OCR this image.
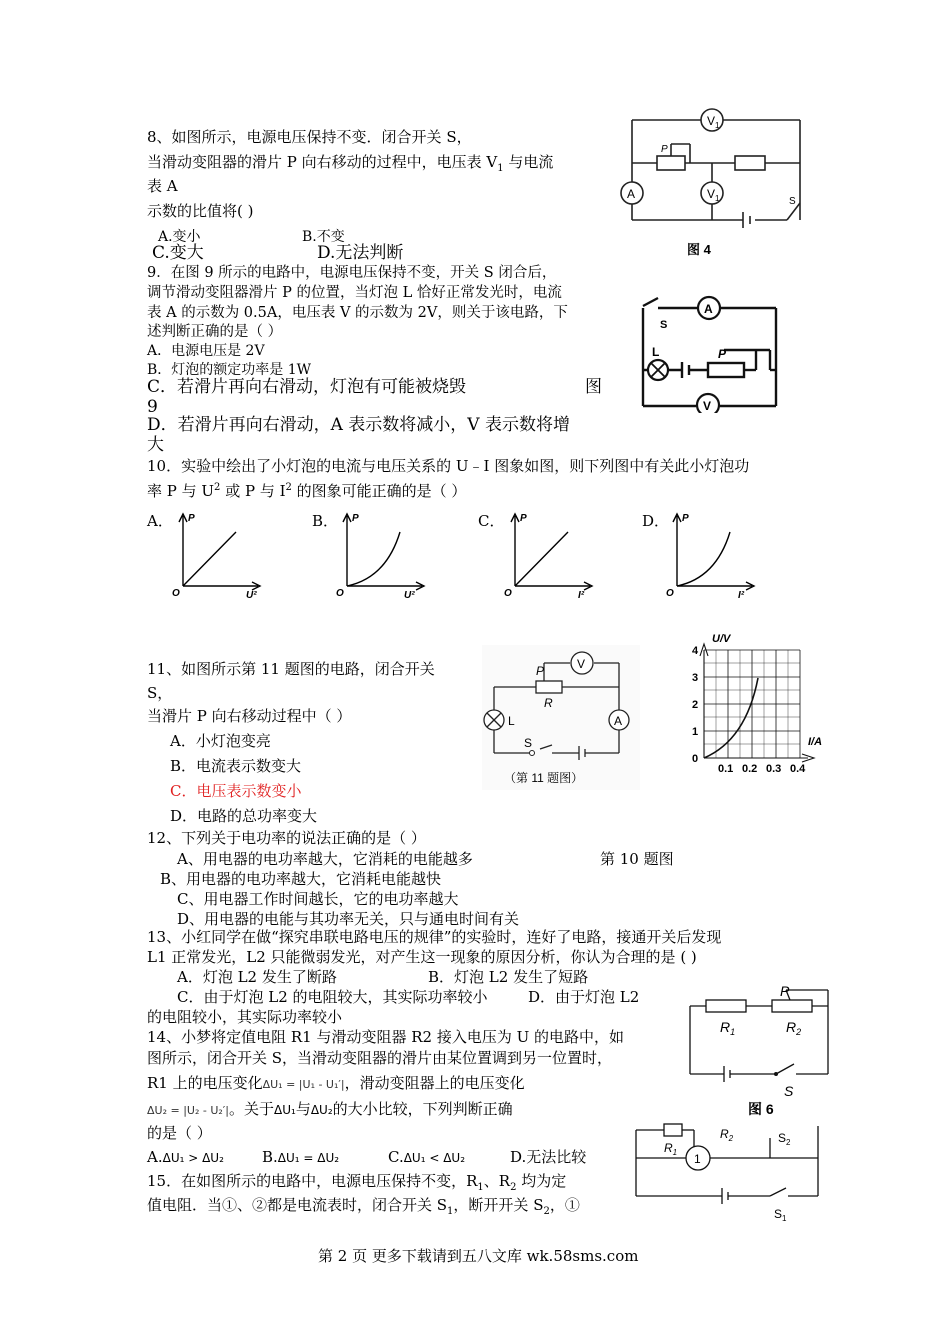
8、如图所示，电源电压保持不变．闭合开关 S，
当滑动变阻器的滑片 P 向右移动的过程中，电压表 $V_1$ 与电流
表 A
示数的比值将( )
A.变小	B.不变
C.变大	D.无法判断
$V_1$
A	$V_1$
P
S
图 4
9．在图 9 所示的电路中，电源电压保持不变，开关 S 闭合后，
调节滑动变阻器滑片 P 的位置，当灯泡 L 恰好正常发光时，电流
表 A 的示数为 0.5A，电压表 V 的示数为 2V，则关于该电路，下
述判断正确的是（ ）
A．电源电压是 2V
B．灯泡的额定功率是 1W
C．若滑片再向右滑动，灯泡有可能被烧毁	图
9
D．若滑片再向右滑动，A 表示数将减小，V 表示数将增
大
S
A
L	P
V
10．实验中绘出了小灯泡的电流与电压关系的 U﹣I 图象如图，则下列图中有关此小灯泡功
率 P 与 $U^2$ 或 P 与 $I^2$ 的图象可能正确的是（ ）
A． P
O	U²
B． P
O	U²
C． P
O	I²
D． P
O	I²
11、如图所示第 11 题图的电路，闭合开关
S，
当滑片 P 向右移动过程中（ ）
A．小灯泡变亮
B．电流表示数变大
C．电压表示数变小
D．电路的总功率变大
P	V
R
L	A
S
（第 11 题图）
U/V
I/A
0
1
2
3
4
0.1 0.2 0.3 0.4
12、下列关于电功率的说法正确的是（ ）
A、用电器的电功率越大，它消耗的电能越多	第 10 题图
B、用电器的电功率越大，它消耗电能越快
C、用电器工作时间越长，它的电功率越大
D、用电器的电能与其功率无关，只与通电时间有关
13、小红同学在做“探究串联电路电压的规律”的实验时，连好了电路，接通开关后发现
L1 正常发光，L2 只能微弱发光，对产生这一现象的原因分析，你认为合理的是 ( )
A．灯泡 L2 发生了断路	B．灯泡 L2 发生了短路
C．由于灯泡 L2 的电阻较大，其实际功率较小	D．由于灯泡 L2
的电阻较小，其实际功率较小
14、小梦将定值电阻 R1 与滑动变阻器 R2 接入电压为 U 的电路中，如
图所示，闭合开关 S，当滑动变阻器的滑片由某位置调到另一位置时，
R1 上的电压变化ΔU₁ = |U₁ - U₁′|，滑动变阻器上的电压变化
ΔU₂ = |U₂ - U₂′|。关于ΔU₁与ΔU₂的大小比较，下列判断正确
的是（ ）
A.ΔU₁ > ΔU₂	B.ΔU₁ = ΔU₂	C.ΔU₁ < ΔU₂	D.无法比较
P
$R_1$	$R_2$
S
图 6
15．在如图所示的电路中，电源电压保持不变，$R_1$、$R_2$ 均为定
值电阻．当①、②都是电流表时，闭合开关 $S_1$，断开开关 $S_2$，①
1
$R_1$
$R_2$	$S_2$
$S_1$
第 2 页 更多下载请到五八文库 wk.58sms.com
